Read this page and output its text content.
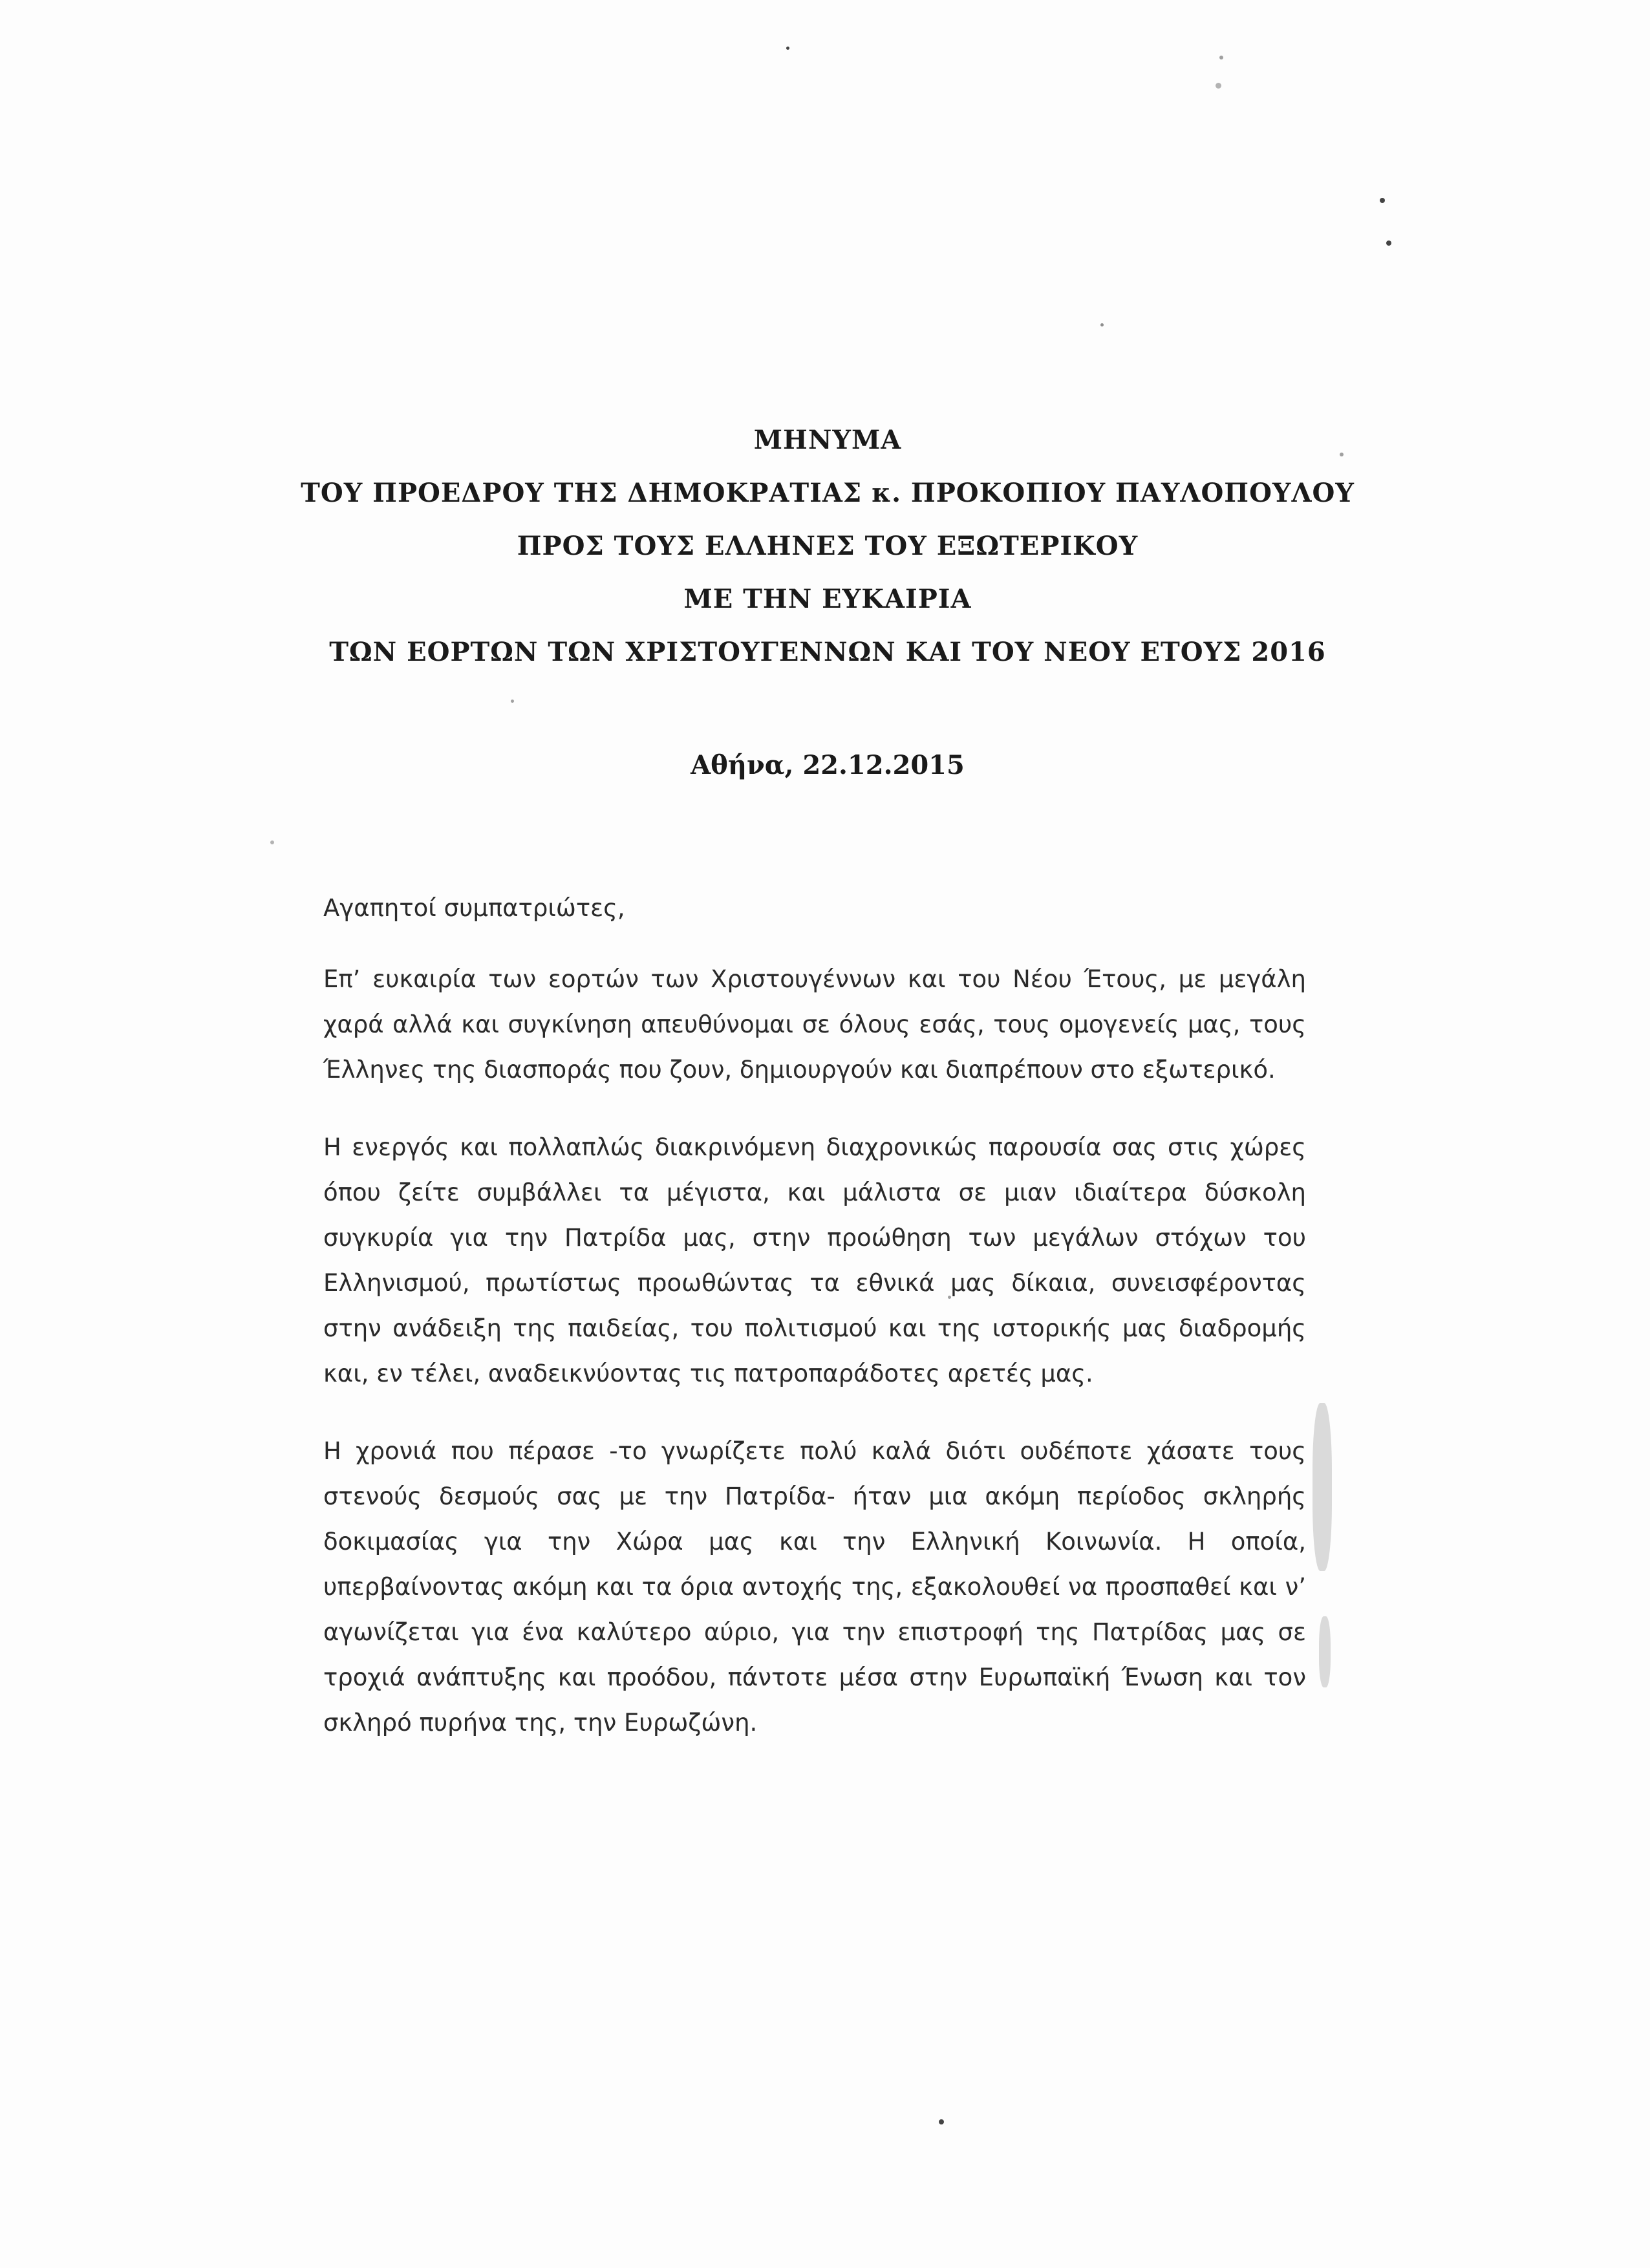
ΜΗΝΥΜΑ
ΤΟΥ ΠΡΟΕΔΡΟΥ ΤΗΣ ΔΗΜΟΚΡΑΤΙΑΣ κ. ΠΡΟΚΟΠΙΟΥ ΠΑΥΛΟΠΟΥΛΟΥ
ΠΡΟΣ ΤΟΥΣ ΕΛΛΗΝΕΣ ΤΟΥ ΕΞΩΤΕΡΙΚΟΥ
ΜΕ ΤΗΝ ΕΥΚΑΙΡΙΑ
ΤΩΝ ΕΟΡΤΩΝ ΤΩΝ ΧΡΙΣΤΟΥΓΕΝΝΩΝ ΚΑΙ ΤΟΥ ΝΕΟΥ ΕΤΟΥΣ 2016
Αθήνα, 22.12.2015

Αγαπητοί συμπατριώτες,

Επ’ ευκαιρία των εορτών των Χριστουγέννων και του Νέου Έτους, με μεγάλη χαρά αλλά και συγκίνηση απευθύνομαι σε όλους εσάς, τους ομογενείς μας, τους Έλληνες της διασποράς που ζουν, δημιουργούν και διαπρέπουν στο εξωτερικό.

Η ενεργός και πολλαπλώς διακρινόμενη διαχρονικώς παρουσία σας στις χώρες όπου ζείτε συμβάλλει τα μέγιστα, και μάλιστα σε μιαν ιδιαίτερα δύσκολη συγκυρία για την Πατρίδα μας, στην προώθηση των μεγάλων στόχων του Ελληνισμού, πρωτίστως προωθώντας τα εθνικά μας δίκαια, συνεισφέροντας στην ανάδειξη της παιδείας, του πολιτισμού και της ιστορικής μας διαδρομής και, εν τέλει, αναδεικνύοντας τις πατροπαράδοτες αρετές μας.

Η χρονιά που πέρασε -το γνωρίζετε πολύ καλά διότι ουδέποτε χάσατε τους στενούς δεσμούς σας με την Πατρίδα- ήταν μια ακόμη περίοδος σκληρής δοκιμασίας για την Χώρα μας και την Ελληνική Κοινωνία. Η οποία, υπερβαίνοντας ακόμη και τα όρια αντοχής της, εξακολουθεί να προσπαθεί και ν’ αγωνίζεται για ένα καλύτερο αύριο, για την επιστροφή της Πατρίδας μας σε τροχιά ανάπτυξης και προόδου, πάντοτε μέσα στην Ευρωπαϊκή Ένωση και τον σκληρό πυρήνα της, την Ευρωζώνη.
